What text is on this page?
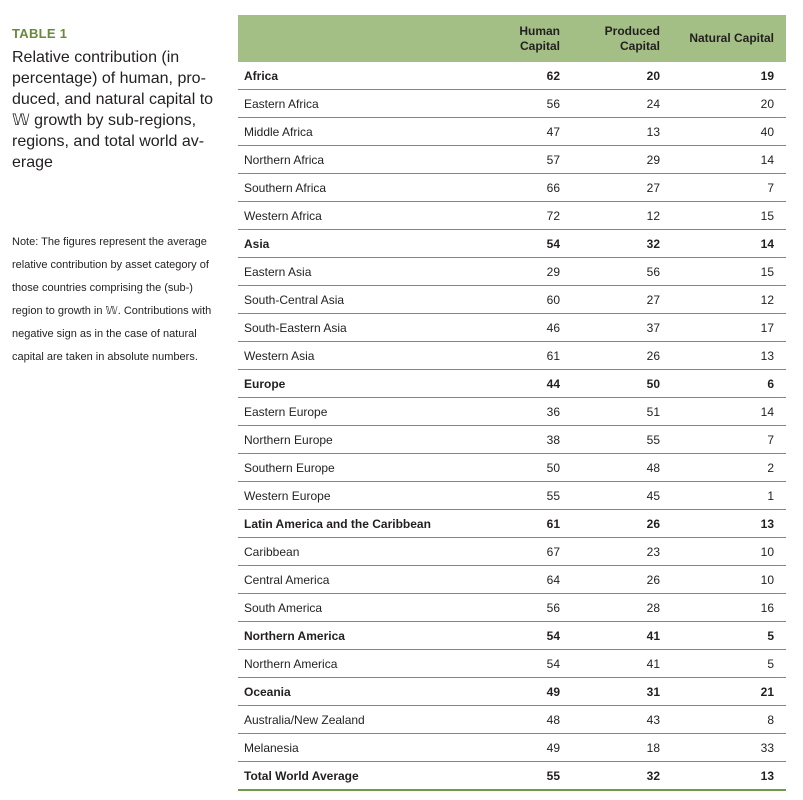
TABLE 1

Relative contribution (in percentage) of human, pro-duced, and natural capital to 𝕎 growth by sub-regions, regions, and total world av-erage

Note: The figures represent the average relative contribution by asset category of those countries comprising the (sub-) region to growth in 𝕎. Contributions with negative sign as in the case of natural capital are taken in absolute numbers.

	Human Capital	Produced Capital	Natural Capital
Africa	62	20	19
Eastern Africa	56	24	20
Middle Africa	47	13	40
Northern Africa	57	29	14
Southern Africa	66	27	7
Western Africa	72	12	15
Asia	54	32	14
Eastern Asia	29	56	15
South-Central Asia	60	27	12
South-Eastern Asia	46	37	17
Western Asia	61	26	13
Europe	44	50	6
Eastern Europe	36	51	14
Northern Europe	38	55	7
Southern Europe	50	48	2
Western Europe	55	45	1
Latin America and the Caribbean	61	26	13
Caribbean	67	23	10
Central America	64	26	10
South America	56	28	16
Northern America	54	41	5
Northern America	54	41	5
Oceania	49	31	21
Australia/New Zealand	48	43	8
Melanesia	49	18	33
Total World Average	55	32	13
